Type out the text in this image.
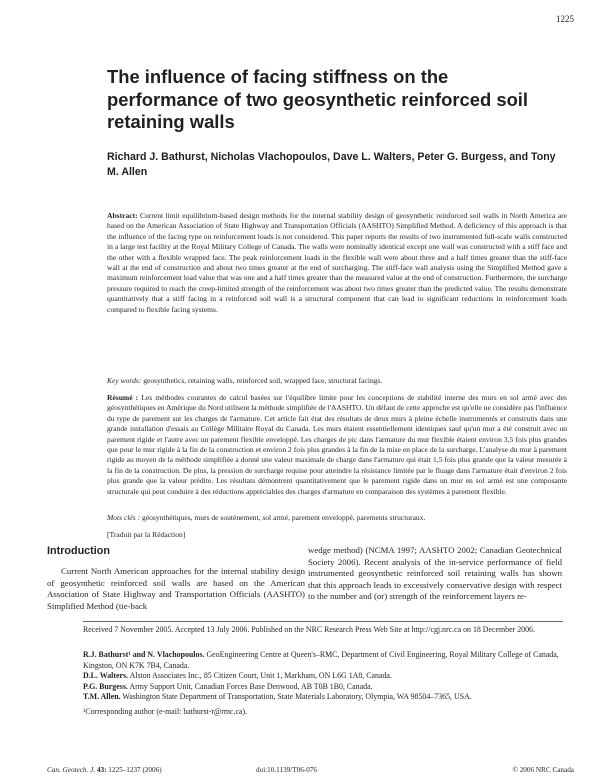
1225
The influence of facing stiffness on the performance of two geosynthetic reinforced soil retaining walls
Richard J. Bathurst, Nicholas Vlachopoulos, Dave L. Walters, Peter G. Burgess, and Tony M. Allen
Abstract: Current limit equilibrium-based design methods for the internal stability design of geosynthetic reinforced soil walls in North America are based on the American Association of State Highway and Transportation Officials (AASHTO) Simplified Method. A deficiency of this approach is that the influence of the facing type on reinforcement loads is not considered. This paper reports the results of two instrumented full-scale walls constructed in a large test facility at the Royal Military College of Canada. The walls were nominally identical except one wall was constructed with a stiff face and the other with a flexible wrapped face. The peak reinforcement loads in the flexible wall were about three and a half times greater than the stiff-face wall at the end of construction and about two times greater at the end of surcharging. The stiff-face wall analysis using the Simplified Method gave a maximum reinforcement load value that was one and a half times greater than the measured value at the end of construction. Furthermore, the surcharge pressure required to reach the creep-limited strength of the reinforcement was about two times greater than the predicted value. The results demonstrate quantitatively that a stiff facing in a reinforced soil wall is a structural component that can lead to significant reductions in reinforcement loads compared to flexible facing systems.
Key words: geosynthetics, retaining walls, reinforced soil, wrapped face, structural facings.
Résumé : Les méthodes courantes de calcul basées sur l'équilibre limite pour les conceptions de stabilité interne des murs en sol armé avec des géosynthétiques en Amérique du Nord utilisent la méthode simplifiée de l'AASHTO. Un défaut de cette approche est qu'elle ne considère pas l'influence du type de parement sur les charges de l'armature. Cet article fait état des résultats de deux murs à pleine échelle instrumentés et construits dans une grande installation d'essais au Collège Militaire Royal du Canada. Les murs étaient essentiellement identiques sauf qu'un mur a été construit avec un parement rigide et l'autre avec un parement flexible enveloppé. Les charges de pic dans l'armature du mur flexible étaient environ 3,5 fois plus grandes que pour le mur rigide à la fin de la construction et environ 2 fois plus grandes à la fin de la mise en place de la surcharge. L'analyse du mur à parement rigide au moyen de la méthode simplifiée a donné une valeur maximale de charge dans l'armature qui était 1,5 fois plus grande que la valeur mesurée à la fin de la construction. De plus, la pression de surcharge requise pour atteindre la résistance limitée par le fluage dans l'armature était d'environ 2 fois plus grande que la valeur prédite. Les résultats démontrent quantitativement que le parement rigide dans un mur en sol armé est une composante structurale qui peut conduire à des réductions appréciables des charges d'armature en comparaison des systèmes à parement flexible.
Mots clés : géosynthétiques, murs de soutènement, sol armé, parement enveloppé, parements structuraux.
[Traduit par la Rédaction]
Introduction
Current North American approaches for the internal stability design of geosynthetic reinforced soil walls are based on the American Association of State Highway and Transportation Officials (AASHTO) Simplified Method (tie-back
wedge method) (NCMA 1997; AASHTO 2002; Canadian Geotechnical Society 2006). Recent analysis of the in-service performance of field instrumented geosynthetic reinforced soil retaining walls has shown that this approach leads to excessively conservative design with respect to the number and (or) strength of the reinforcement layers re-
Received 7 November 2005. Accepted 13 July 2006. Published on the NRC Research Press Web Site at http://cgj.nrc.ca on 18 December 2006.
R.J. Bathurst¹ and N. Vlachopoulos. GeoEngineering Centre at Queen's–RMC, Department of Civil Engineering, Royal Military College of Canada, Kingston, ON K7K 7B4, Canada.
D.L. Walters. Alston Associates Inc., 85 Citizen Court, Unit 1, Markham, ON L6G 1A8, Canada.
P.G. Burgess. Army Support Unit, Canadian Forces Base Denwood, AB T0B 1B0, Canada.
T.M. Allen. Washington State Department of Transportation, State Materials Laboratory, Olympia, WA 98504–7365, USA.
¹Corresponding author (e-mail: bathurst-r@rmc.ca).
Can. Geotech. J. 43: 1225–1237 (2006)	doi:10.1139/T06-076	© 2006 NRC Canada
